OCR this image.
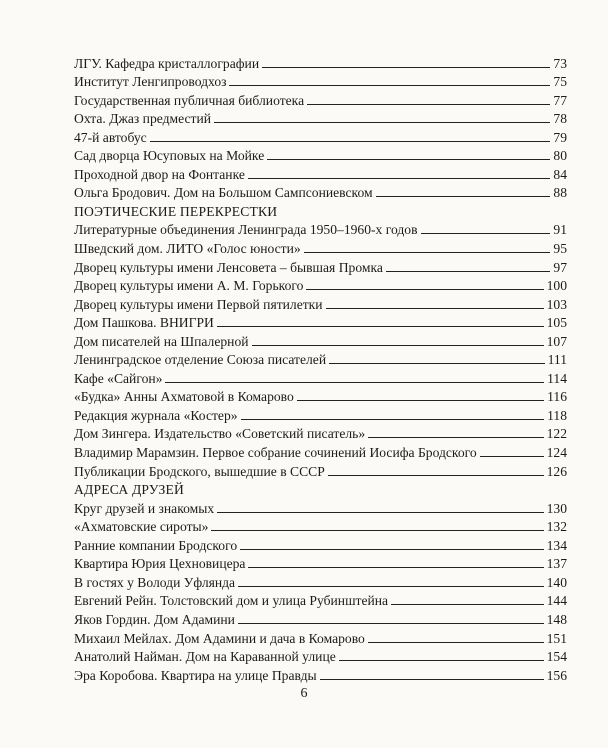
ЛГУ. Кафедра кристаллографии	73
Институт Ленгипроводхоз	75
Государственная публичная библиотека	77
Охта. Джаз предместий	78
47-й автобус	79
Сад дворца Юсуповых на Мойке	80
Проходной двор на Фонтанке	84
Ольга Бродович. Дом на Большом Сампсониевском	88
ПОЭТИЧЕСКИЕ ПЕРЕКРЕСТКИ
Литературные объединения Ленинграда 1950–1960-х годов	91
Шведский дом. ЛИТО «Голос юности»	95
Дворец культуры имени Ленсовета – бывшая Промка	97
Дворец культуры имени А. М. Горького	100
Дворец культуры имени Первой пятилетки	103
Дом Пашкова. ВНИГРИ	105
Дом писателей на Шпалерной	107
Ленинградское отделение Союза писателей	111
Кафе «Сайгон»	114
«Будка» Анны Ахматовой в Комарово	116
Редакция журнала «Костер»	118
Дом Зингера. Издательство «Советский писатель»	122
Владимир Марамзин. Первое собрание сочинений Иосифа Бродского	124
Публикации Бродского, вышедшие в СССР	126
АДРЕСА ДРУЗЕЙ
Круг друзей и знакомых	130
«Ахматовские сироты»	132
Ранние компании Бродского	134
Квартира Юрия Цехновицера	137
В гостях у Володи Уфлянда	140
Евгений Рейн. Толстовский дом и улица Рубинштейна	144
Яков Гордин. Дом Адамини	148
Михаил Мейлах. Дом Адамини и дача в Комарово	151
Анатолий Найман. Дом на Караванной улице	154
Эра Коробова. Квартира на улице Правды	156
6
